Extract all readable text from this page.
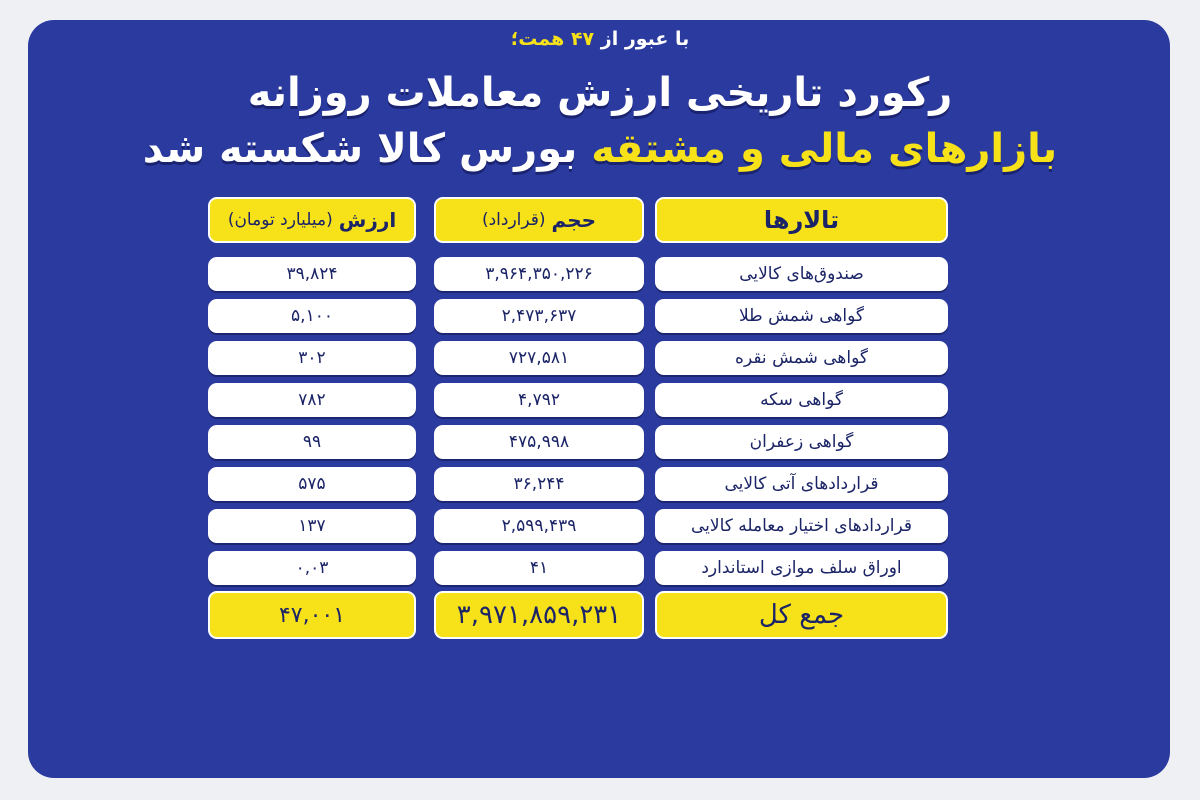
با عبور از ۴۷ همت؛
رکورد تاریخی ارزش معاملات روزانه
بازارهای مالی و مشتقه بورس کالا شکسته شد
تالارها
حجم
(قرارداد)
ارزش
(میلیارد تومان)
صندوق‌های کالایی
۳,۹۶۴,۳۵۰,۲۲۶
۳۹,۸۲۴
گواهی شمش طلا
۲,۴۷۳,۶۳۷
۵,۱۰۰
گواهی شمش نقره
۷۲۷,۵۸۱
۳۰۲
گواهی سکه
۴,۷۹۲
۷۸۲
گواهی زعفران
۴۷۵,۹۹۸
۹۹
قراردادهای آتی کالایی
۳۶,۲۴۴
۵۷۵
قراردادهای اختیار معامله کالایی
۲,۵۹۹,۴۳۹
۱۳۷
اوراق سلف موازی استاندارد
۴۱
۰,۰۳
جمع کل
۳,۹۷۱,۸۵۹,۲۳۱
۴۷,۰۰۱
